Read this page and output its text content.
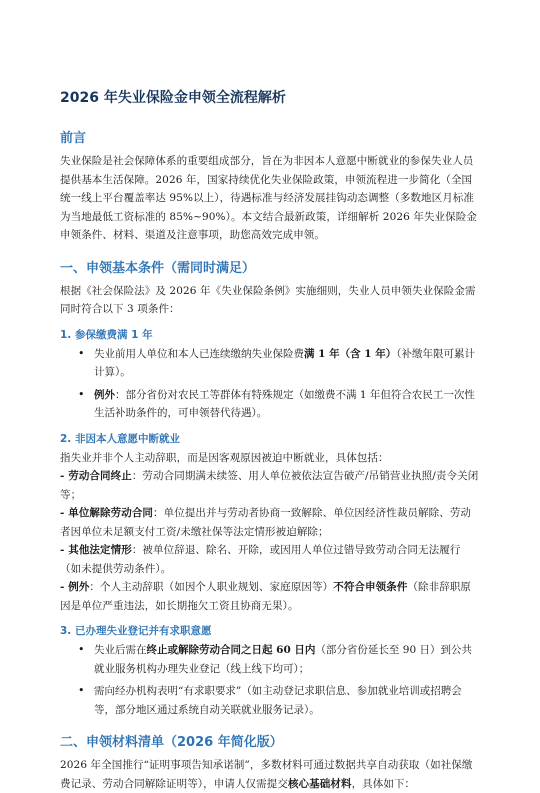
2026 年失业保险金申领全流程解析
前言

失业保险是社会保障体系的重要组成部分，旨在为非因本人意愿中断就业的参保失业人员提供基本生活保障。2026 年，国家持续优化失业保险政策，申领流程进一步简化（全国统一线上平台覆盖率达 95%以上），待遇标准与经济发展挂钩动态调整（多数地区月标准为当地最低工资标准的 85%~90%）。本文结合最新政策，详细解析 2026 年失业保险金申领条件、材料、渠道及注意事项，助您高效完成申领。

一、申领基本条件（需同时满足）

根据《社会保险法》及 2026 年《失业保险条例》实施细则，失业人员申领失业保险金需同时符合以下 3 项条件：

1. 参保缴费满 1 年
• 失业前用人单位和本人已连续缴纳失业保险费满 1 年（含 1 年）（补缴年限可累计计算）。
• 例外：部分省份对农民工等群体有特殊规定（如缴费不满 1 年但符合农民工一次性生活补助条件的，可申领替代待遇）。
2. 非因本人意愿中断就业

指失业并非个人主动辞职，而是因客观原因被迫中断就业，具体包括：

- 劳动合同终止：劳动合同期满未续签、用人单位被依法宣告破产/吊销营业执照/责令关闭等；

- 单位解除劳动合同：单位提出并与劳动者协商一致解除、单位因经济性裁员解除、劳动者因单位未足额支付工资/未缴社保等法定情形被迫解除；

- 其他法定情形：被单位辞退、除名、开除，或因用人单位过错导致劳动合同无法履行（如未提供劳动条件）。

- 例外：个人主动辞职（如因个人职业规划、家庭原因等）不符合申领条件（除非辞职原因是单位严重违法，如长期拖欠工资且协商无果）。

3. 已办理失业登记并有求职意愿
• 失业后需在终止或解除劳动合同之日起 60 日内（部分省份延长至 90 日）到公共就业服务机构办理失业登记（线上线下均可）；
• 需向经办机构表明“有求职要求”（如主动登记求职信息、参加就业培训或招聘会等，部分地区通过系统自动关联就业服务记录）。
二、申领材料清单（2026 年简化版）

2026 年全国推行“证明事项告知承诺制”，多数材料可通过数据共享自动获取（如社保缴费记录、劳动合同解除证明等），申请人仅需提交核心基础材料，具体如下：
